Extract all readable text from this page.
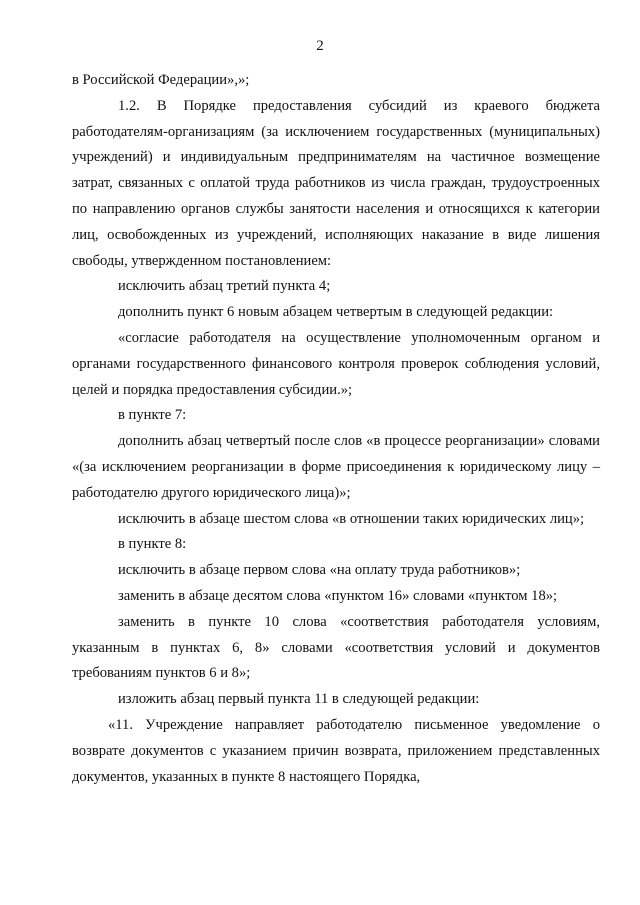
2

в Российской Федерации»,»;

1.2. В Порядке предоставления субсидий из краевого бюджета работодателям-организациям (за исключением государственных (муниципальных) учреждений) и индивидуальным предпринимателям на частичное возмещение затрат, связанных с оплатой труда работников из числа граждан, трудоустроенных по направлению органов службы занятости населения и относящихся к категории лиц, освобожденных из учреждений, исполняющих наказание в виде лишения свободы, утвержденном постановлением:

исключить абзац третий пункта 4;

дополнить пункт 6 новым абзацем четвертым в следующей редакции:

«согласие работодателя на осуществление уполномоченным органом и органами государственного финансового контроля проверок соблюдения условий, целей и порядка предоставления субсидии.»;

в пункте 7:

дополнить абзац четвертый после слов «в процессе реорганизации» словами «(за исключением реорганизации в форме присоединения к юридическому лицу – работодателю другого юридического лица)»;

исключить в абзаце шестом слова «в отношении таких юридических лиц»;

в пункте 8:

исключить в абзаце первом слова «на оплату труда работников»;

заменить в абзаце десятом слова «пунктом 16» словами «пунктом 18»;

заменить в пункте 10 слова «соответствия работодателя условиям, указанным в пунктах 6, 8» словами «соответствия условий и документов требованиям пунктов 6 и 8»;

изложить абзац первый пункта 11 в следующей редакции:

«11. Учреждение направляет работодателю письменное уведомление о возврате документов с указанием причин возврата, приложением представленных документов, указанных в пункте 8 настоящего Порядка,
